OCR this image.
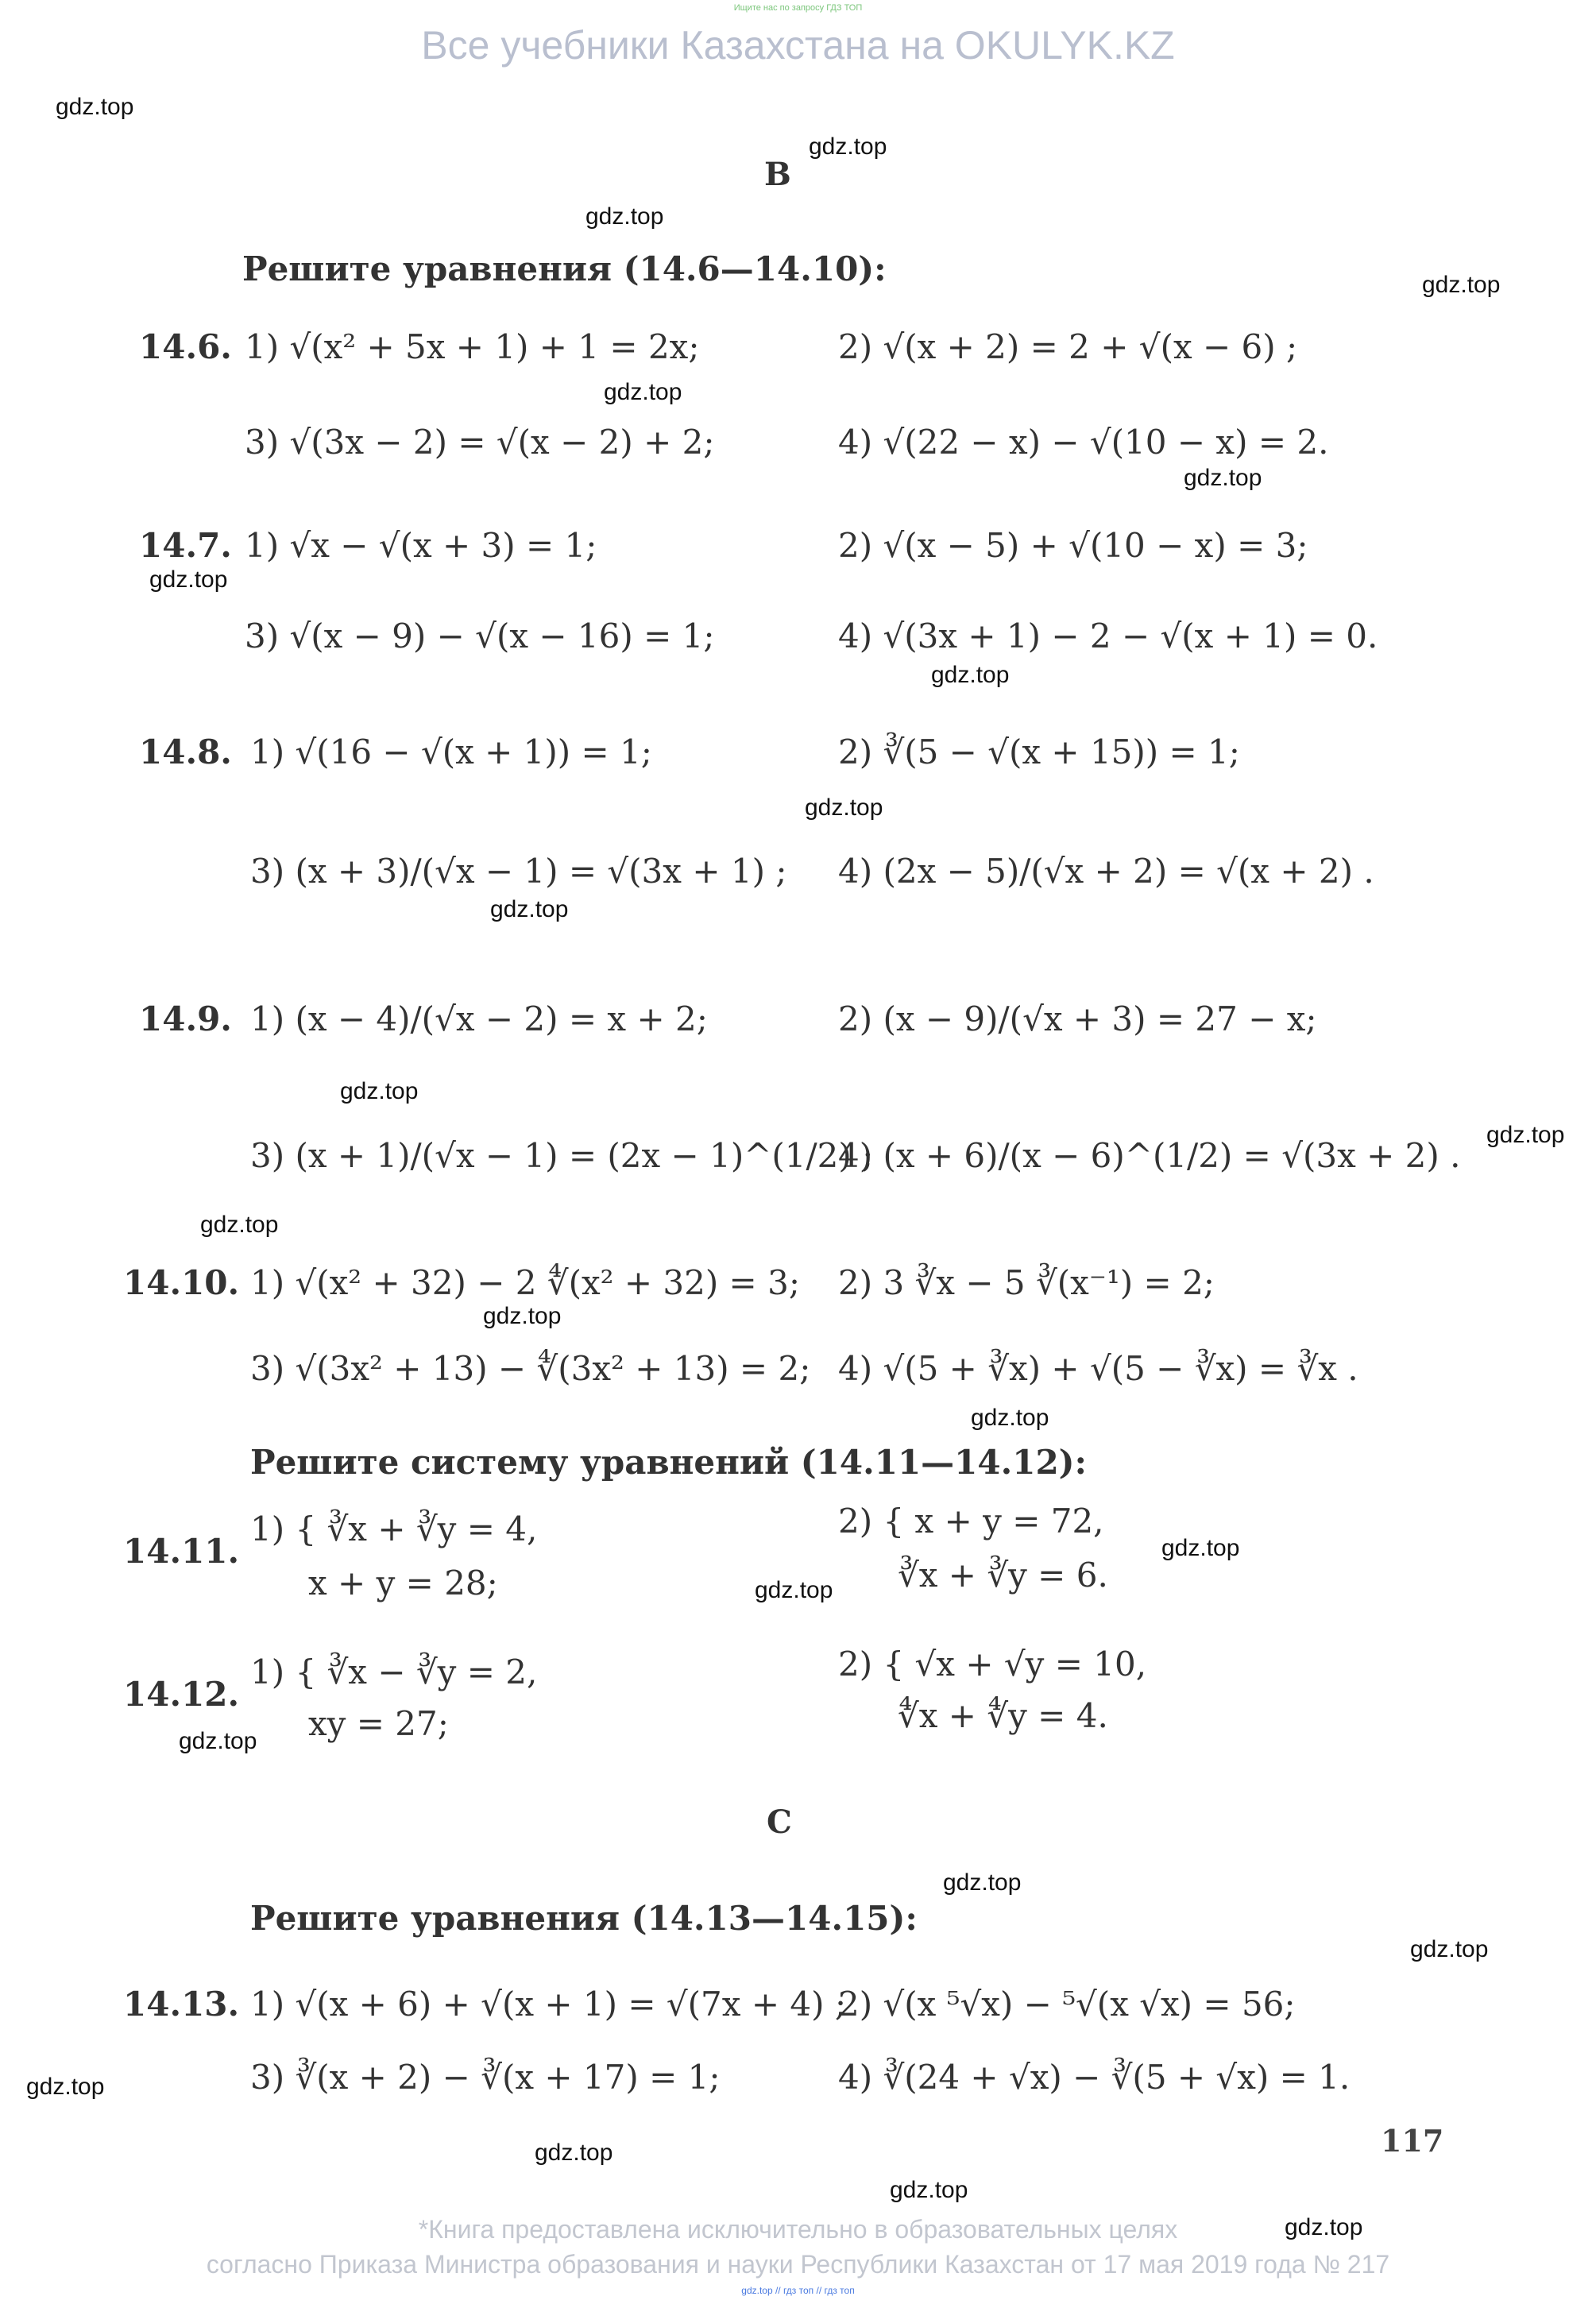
Ищите нас по запросу ГДЗ ТОП
Все учебники Казахстана на OKULYK.KZ
gdz.top
gdz.top
gdz.top
gdz.top
gdz.top
gdz.top
gdz.top
gdz.top
gdz.top
gdz.top
gdz.top
gdz.top
gdz.top
gdz.top
gdz.top
gdz.top
gdz.top
gdz.top
gdz.top
gdz.top
gdz.top
gdz.top
gdz.top
gdz.top
B
Решите уравнения (14.6—14.10):
14.6. 1) √(x² + 5x + 1) + 1 = 2x;	2) √(x + 2) = 2 + √(x − 6) ;
3) √(3x − 2) = √(x − 2) + 2;	4) √(22 − x) − √(10 − x) = 2.
14.7. 1) √x − √(x + 3) = 1;	2) √(x − 5) + √(10 − x) = 3;
3) √(x − 9) − √(x − 16) = 1;	4) √(3x + 1) − 2 − √(x + 1) = 0.
14.8. 1) √(16 − √(x + 1)) = 1;	2) ∛(5 − √(x + 15)) = 1;
3) (x + 3)/(√x − 1) = √(3x + 1) ; 4) (2x − 5)/(√x + 2) = √(x + 2) .
14.9. 1) (x − 4)/(√x − 2) = x + 2;	2) (x − 9)/(√x + 3) = 27 − x;
3) (x + 1)/(√x − 1) = (2x − 1)^(1/2) ;
4) (x + 6)/(x − 6)^(1/2) = √(3x + 2) .
14.10. 1) √(x² + 32) − 2 ∜(x² + 32) = 3; 2) 3 ∛x − 5 ∛(x⁻¹) = 2;
3) √(3x² + 13) − ∜(3x² + 13) = 2; 4) √(5 + ∛x) + √(5 − ∛x) = ∛x .
Решите систему уравнений (14.11—14.12):
14.11.
1) { ∛x + ∛y = 4,
x + y = 28;
2) { x + y = 72,
∛x + ∛y = 6.
14.12.
1) { ∛x − ∛y = 2,
xy = 27;
2) { √x + √y = 10,
∜x + ∜y = 4.
C
Решите уравнения (14.13—14.15):
14.13. 1) √(x + 6) + √(x + 1) = √(7x + 4) ;
2) √(x ⁵√x) − ⁵√(x √x) = 56;
3) ∛(x + 2) − ∛(x + 17) = 1;	4) ∛(24 + √x) − ∛(5 + √x) = 1.
117
*Книга предоставлена исключительно в образовательных целях
согласно Приказа Министра образования и науки Республики Казахстан от 17 мая 2019 года № 217
gdz.top // гдз топ // гдз топ
